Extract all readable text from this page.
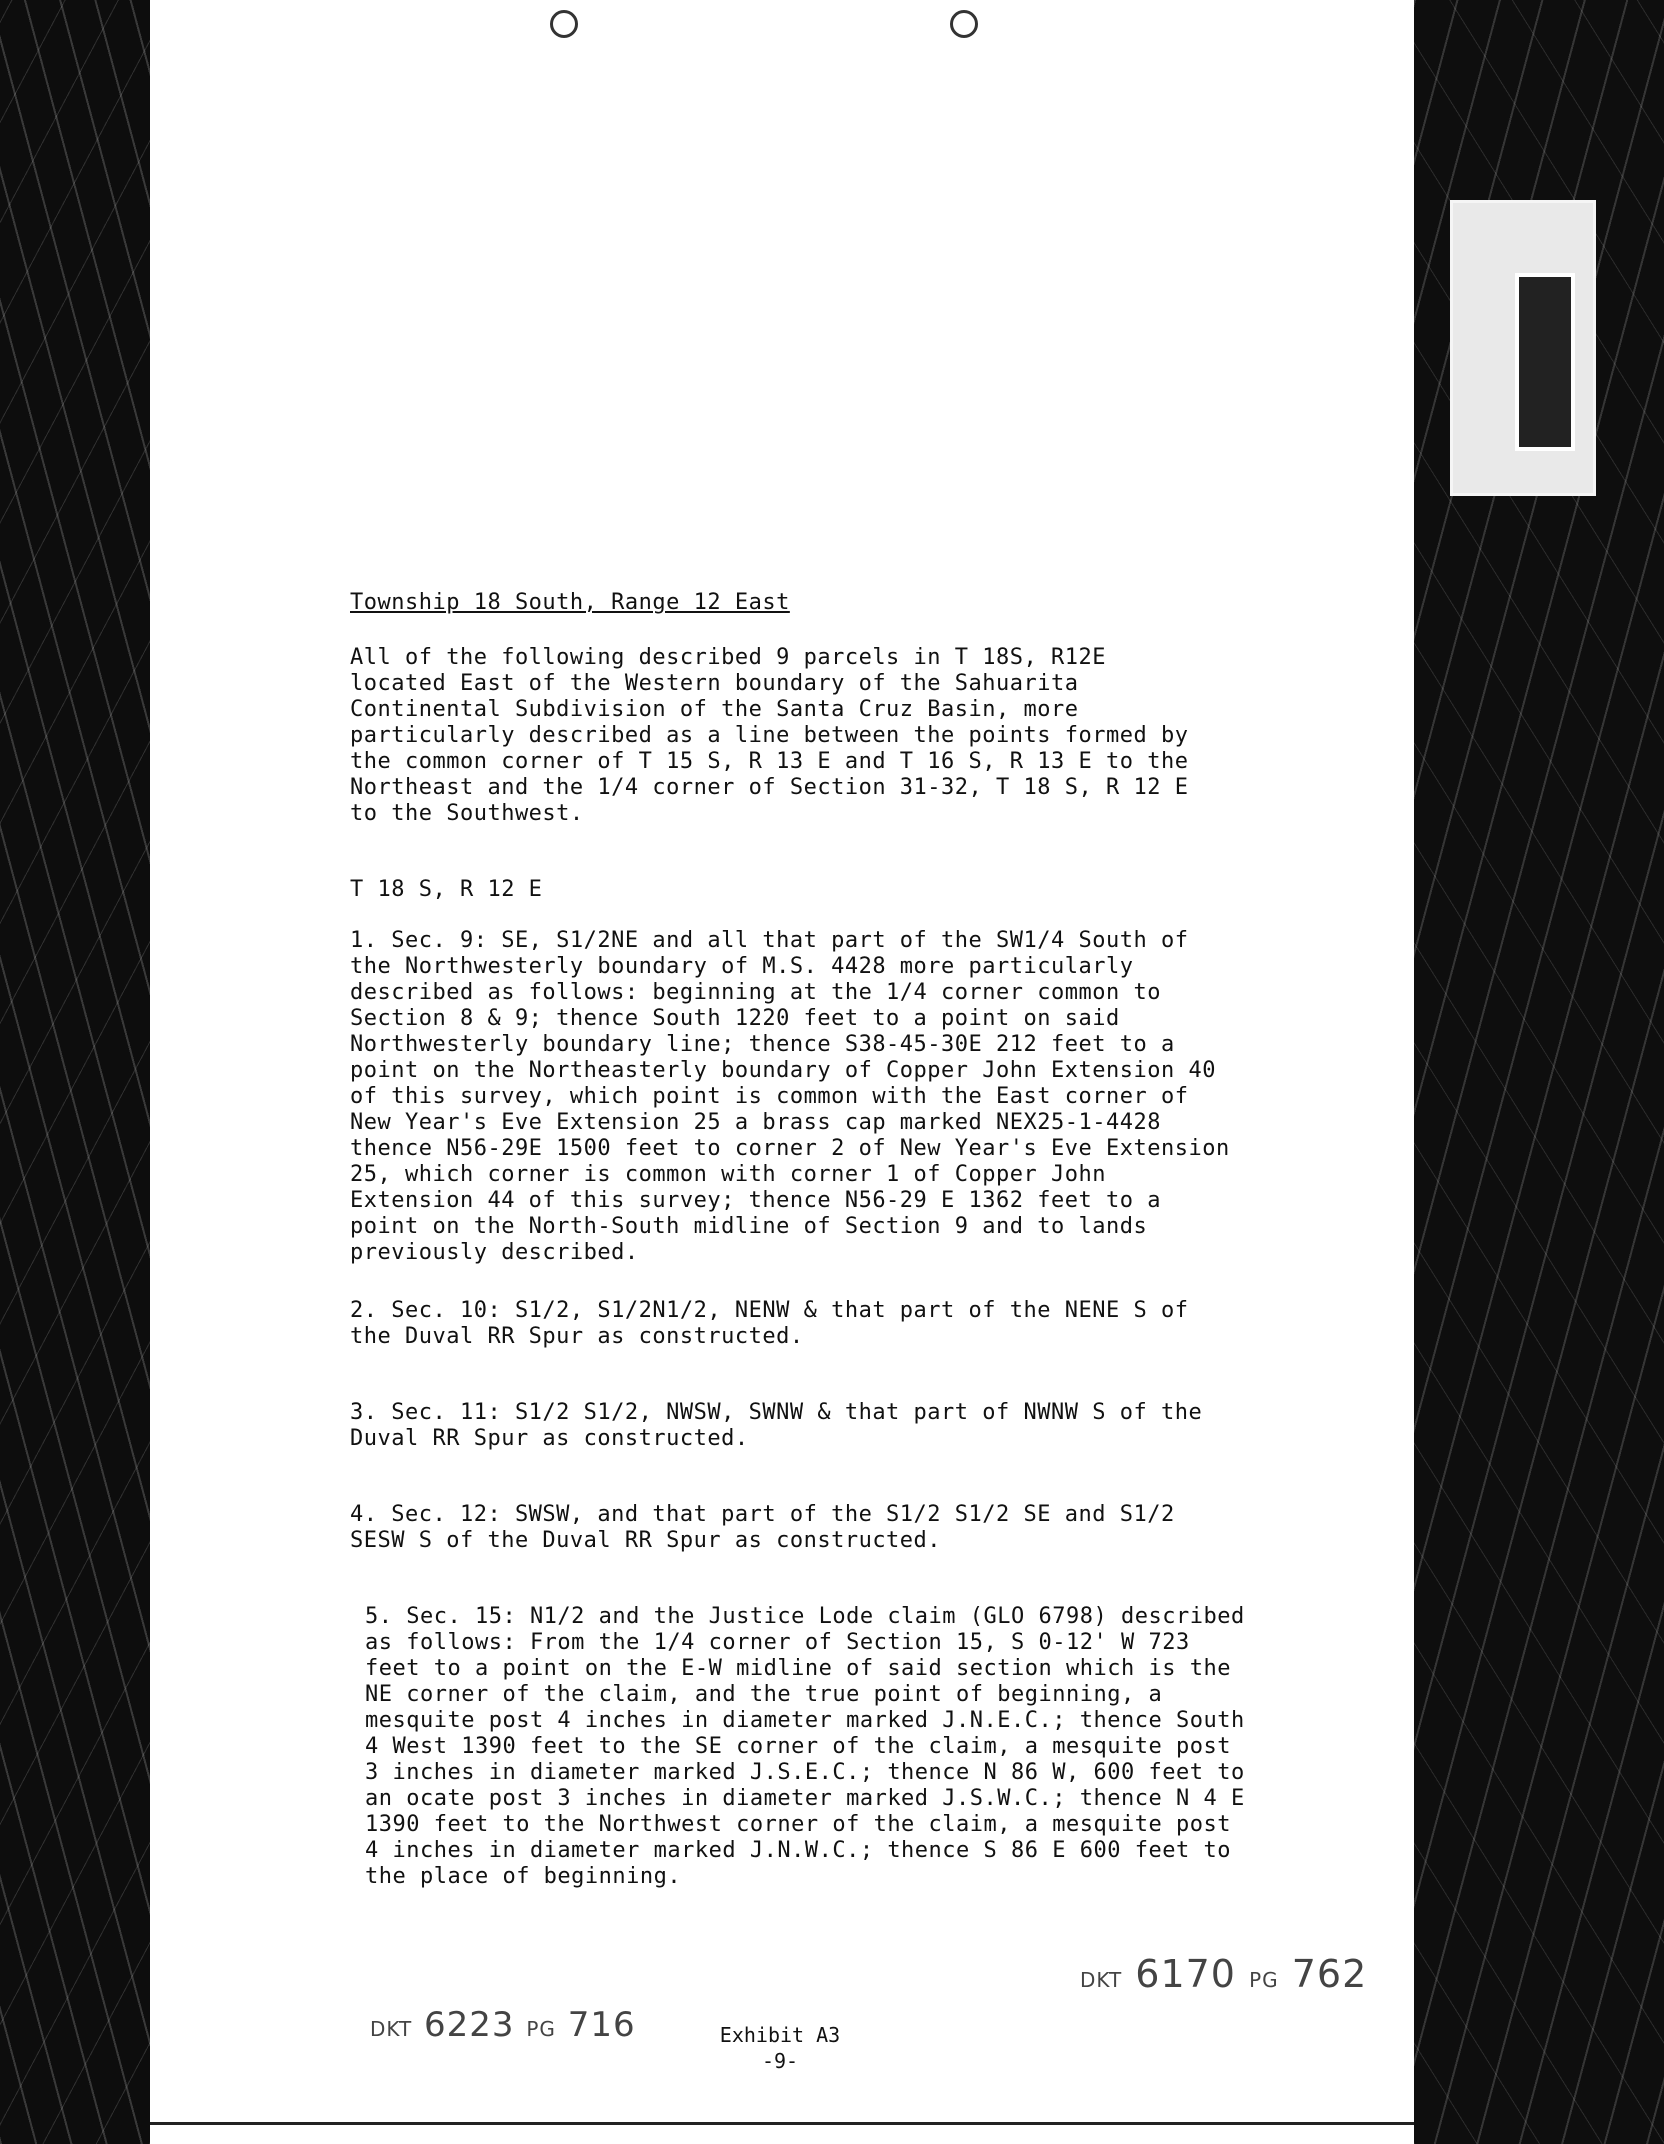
Township 18 South, Range 12 East
All of the following described 9 parcels in T 18S, R12E located East of the Western boundary of the Sahuarita Continental Subdivision of the Santa Cruz Basin, more particularly described as a line between the points formed by the common corner of T 15 S, R 13 E and T 16 S, R 13 E to the Northeast and the 1/4 corner of Section 31-32, T 18 S, R 12 E to the Southwest.
T 18 S, R 12 E
1. Sec. 9: SE, S1/2NE and all that part of the SW1/4 South of the Northwesterly boundary of M.S. 4428 more particularly described as follows: beginning at the 1/4 corner common to Section 8 & 9; thence South 1220 feet to a point on said Northwesterly boundary line; thence S38-45-30E 212 feet to a point on the Northeasterly boundary of Copper John Extension 40 of this survey, which point is common with the East corner of New Year's Eve Extension 25 a brass cap marked NEX25-1-4428 thence N56-29E 1500 feet to corner 2 of New Year's Eve Extension 25, which corner is common with corner 1 of Copper John Extension 44 of this survey; thence N56-29 E 1362 feet to a point on the North-South midline of Section 9 and to lands previously described.
2. Sec. 10: S1/2, S1/2N1/2, NENW & that part of the NENE S of the Duval RR Spur as constructed.
3. Sec. 11: S1/2 S1/2, NWSW, SWNW & that part of NWNW S of the Duval RR Spur as constructed.
4. Sec. 12: SWSW, and that part of the S1/2 S1/2 SE and S1/2 SESW S of the Duval RR Spur as constructed.
5. Sec. 15: N1/2 and the Justice Lode claim (GLO 6798) described as follows: From the 1/4 corner of Section 15, S 0-12' W 723 feet to a point on the E-W midline of said section which is the NE corner of the claim, and the true point of beginning, a mesquite post 4 inches in diameter marked J.N.E.C.; thence South 4 West 1390 feet to the SE corner of the claim, a mesquite post 3 inches in diameter marked J.S.E.C.; thence N 86 W, 600 feet to an ocate post 3 inches in diameter marked J.S.W.C.; thence N 4 E 1390 feet to the Northwest corner of the claim, a mesquite post 4 inches in diameter marked J.N.W.C.; thence S 86 E 600 feet to the place of beginning.
DKT 6170 PG 762
DKT 6223 PG 716	Exhibit A3
-9-
